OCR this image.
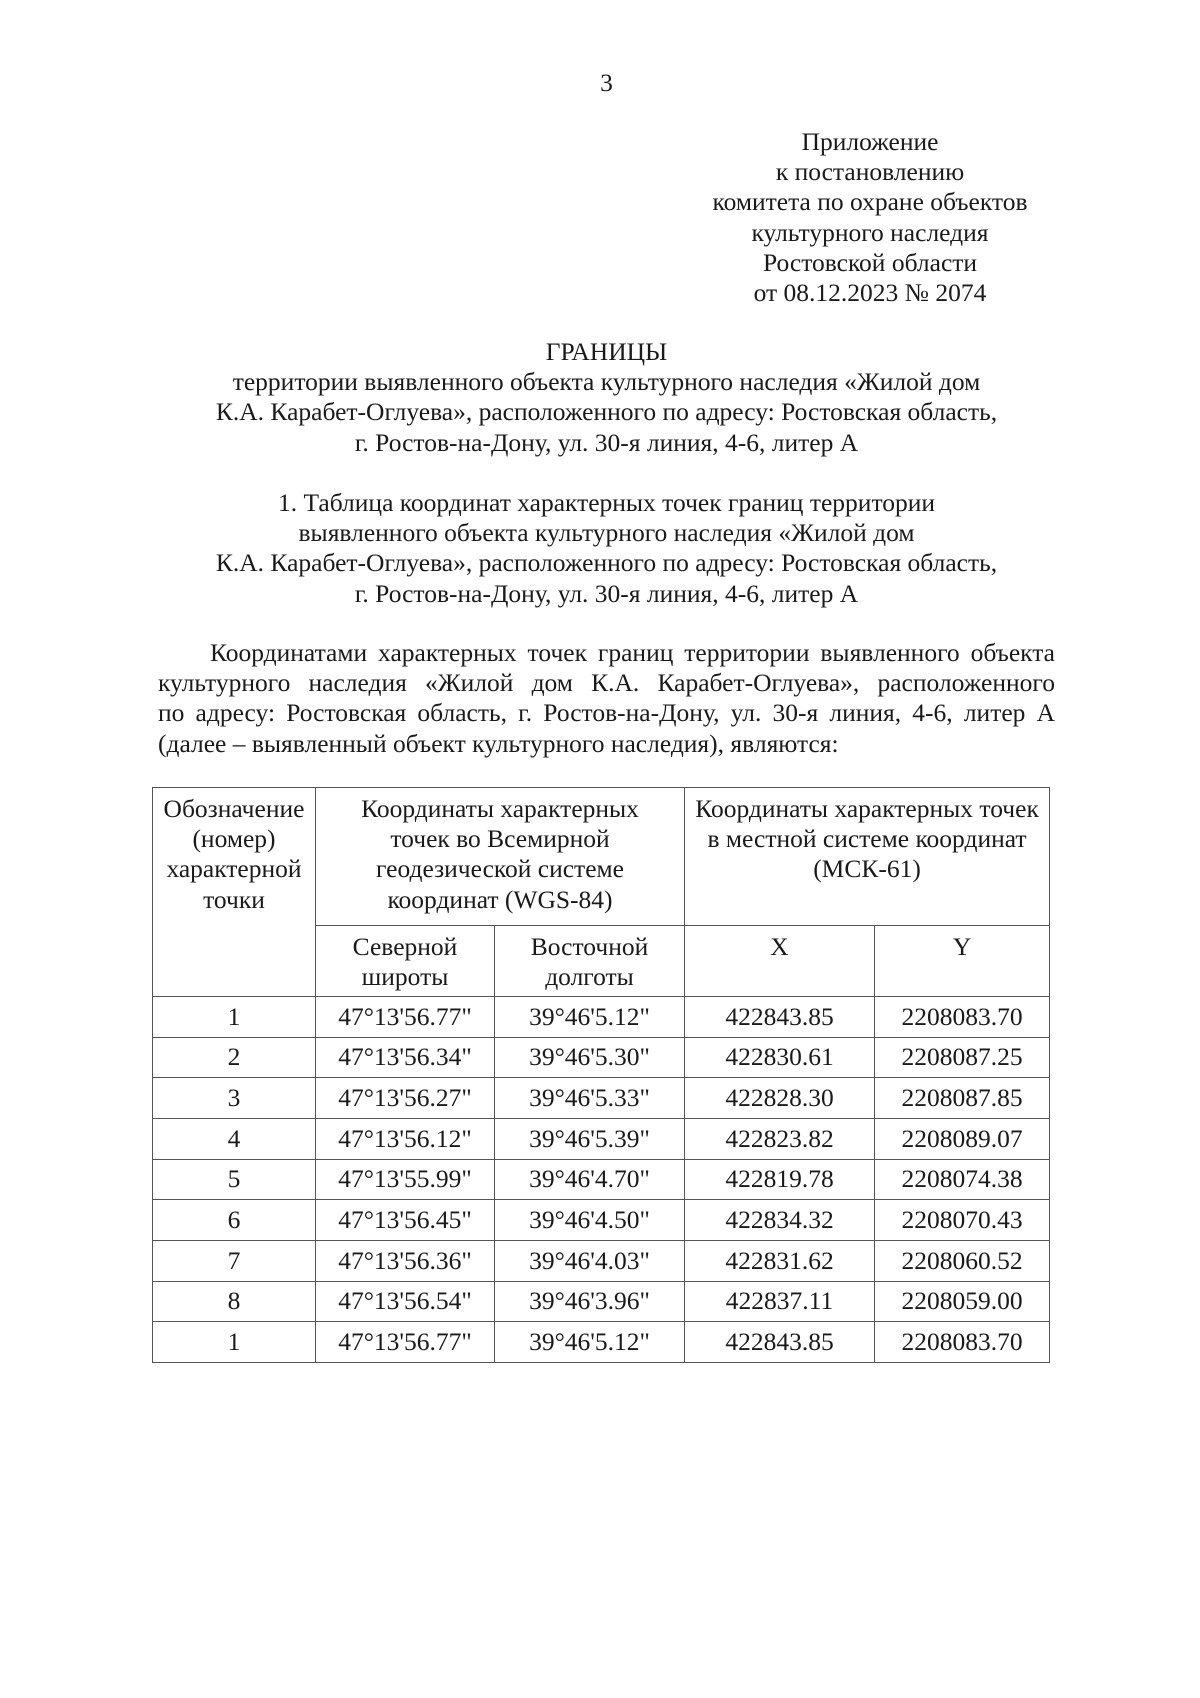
3
Приложение
к постановлению
комитета по охране объектов
культурного наследия
Ростовской области
от 08.12.2023 № 2074
ГРАНИЦЫ
территории выявленного объекта культурного наследия «Жилой дом
К.А. Карабет-Оглуева», расположенного по адресу: Ростовская область,
г. Ростов-на-Дону, ул. 30-я линия, 4-6, литер А
1. Таблица координат характерных точек границ территории
выявленного объекта культурного наследия «Жилой дом
К.А. Карабет-Оглуева», расположенного по адресу: Ростовская область,
г. Ростов-на-Дону, ул. 30-я линия, 4-6, литер А
Координатами характерных точек границ территории выявленного объекта
культурного наследия «Жилой дом К.А. Карабет-Оглуева», расположенного
по адресу: Ростовская область, г. Ростов-на-Дону, ул. 30-я линия, 4-6, литер А
(далее – выявленный объект культурного наследия), являются:
Обозначение
(номер)
характерной
точки	Координаты характерных
точек во Всемирной
геодезической системе
координат (WGS-84)		Координаты характерных точек
в местной системе координат
(МСК-61)	

	Северной
широты	Восточной
долготы	X	Y
1	47°13'56.77"	39°46'5.12"	422843.85	2208083.70
2	47°13'56.34"	39°46'5.30"	422830.61	2208087.25
3	47°13'56.27"	39°46'5.33"	422828.30	2208087.85
4	47°13'56.12"	39°46'5.39"	422823.82	2208089.07
5	47°13'55.99"	39°46'4.70"	422819.78	2208074.38
6	47°13'56.45"	39°46'4.50"	422834.32	2208070.43
7	47°13'56.36"	39°46'4.03"	422831.62	2208060.52
8	47°13'56.54"	39°46'3.96"	422837.11	2208059.00
1	47°13'56.77"	39°46'5.12"	422843.85	2208083.70
